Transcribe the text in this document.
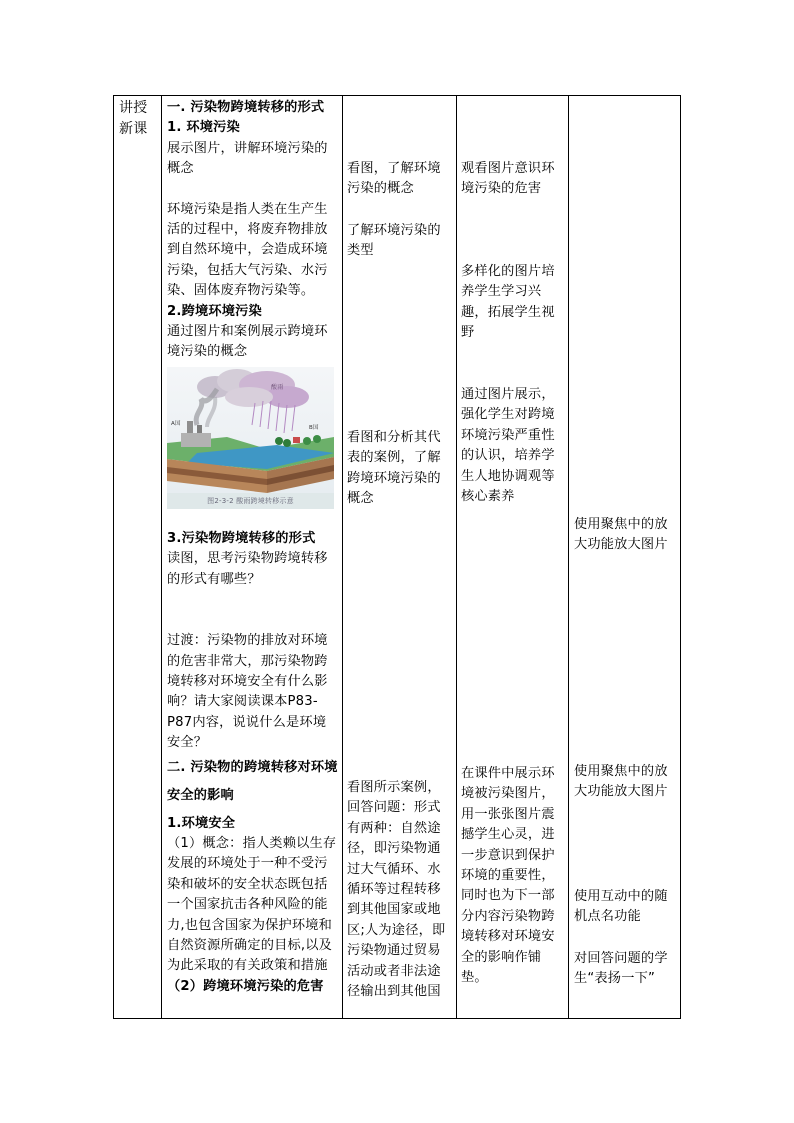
讲授新课

一. 污染物跨境转移的形式

1. 环境污染

展示图片，讲解环境污染的概念

环境污染是指人类在生产生活的过程中，将废弃物排放到自然环境中，会造成环境污染，包括大气污染、水污染、固体废弃物污染等。

2.跨境环境污染

通过图片和案例展示跨境环境污染的概念

酸雨
A国
B国
图2-3-2 酸雨跨境转移示意

3.污染物跨境转移的形式

读图，思考污染物跨境转移的形式有哪些？

过渡：污染物的排放对环境的危害非常大，那污染物跨境转移对环境安全有什么影响？请大家阅读课本P83-P87内容，说说什么是环境安全？

二. 污染物的跨境转移对环境安全的影响

1.环境安全

（1）概念：指人类赖以生存发展的环境处于一种不受污染和破坏的安全状态既包括一个国家抗击各种风险的能力,也包含国家为保护环境和自然资源所确定的目标,以及为此采取的有关政策和措施

（2）跨境环境污染的危害

看图，了解环境污染的概念
了解环境污染的类型
看图和分析其代表的案例，了解跨境环境污染的概念
看图所示案例，回答问题：形式有两种：自然途径，即污染物通过大气循环、水循环等过程转移到其他国家或地区;人为途径，即污染物通过贸易活动或者非法途径输出到其他国
观看图片意识环境污染的危害
多样化的图片培养学生学习兴趣，拓展学生视野
通过图片展示，强化学生对跨境环境污染严重性的认识，培养学生人地协调观等核心素养
在课件中展示环境被污染图片，用一张张图片震撼学生心灵，进一步意识到保护环境的重要性，同时也为下一部分内容污染物跨境转移对环境安全的影响作铺垫。
使用聚焦中的放大功能放大图片
使用聚焦中的放大功能放大图片
使用互动中的随机点名功能
对回答问题的学生“表扬一下”
